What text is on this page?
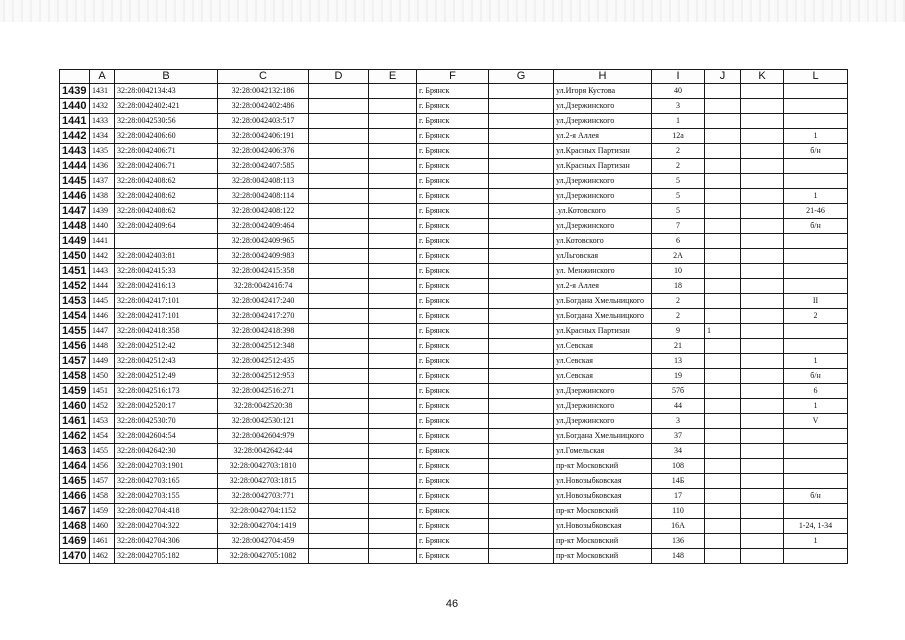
	A	B	C	D	E	F	G	H	I	J	K	L
1439	1431	32:28:0042134:43	32:28:0042132:186			г. Брянск		ул.Игоря Кустова	40			
1440	1432	32:28:0042402:421	32:28:0042402:486			г. Брянск		ул.Дзержинского	3			
1441	1433	32:28:0042530:56	32:28:0042403:517			г. Брянск		ул.Дзержинского	1			
1442	1434	32:28:0042406:60	32:28:0042406:191			г. Брянск		ул.2-я Аллея	12а			1
1443	1435	32:28:0042406:71	32:28:0042406:376			г. Брянск		ул.Красных Партизан	2			б/н
1444	1436	32:28:0042406:71	32:28:0042407:585			г. Брянск		ул.Красных Партизан	2			
1445	1437	32:28:0042408:62	32:28:0042408:113			г. Брянск		ул.Дзержинского	5			
1446	1438	32:28:0042408:62	32:28:0042408:114			г. Брянск		ул.Дзержинского	5			1
1447	1439	32:28:0042408:62	32:28:0042408:122			г. Брянск		.ул.Котовского	5			21-46
1448	1440	32:28:0042409:64	32:28:0042409:464			г. Брянск		ул.Дзержинского	7			б/н
1449	1441		32:28:0042409:965			г. Брянск		ул.Котовского	6			
1450	1442	32:28:0042403:81	32:28:0042409:983			г. Брянск		улЛьговская	2А			
1451	1443	32:28:0042415:33	32:28:0042415:358			г. Брянск		ул. Менжинского	10			
1452	1444	32:28:0042416:13	32:28:004241б:74			г. Брянск		ул.2-я Аллея	18			
1453	1445	32:28:0042417:101	32:28:0042417:240			г. Брянск		ул.Богдана Хмельницкого	2			II
1454	1446	32:28:0042417:101	32:28:0042417:270			г. Брянск		ул.Богдана Хмельницкого	2			2
1455	1447	32:28:0042418:358	32:28:0042418:398			г. Брянск		ул.Красных Партизан	9	1		
1456	1448	32:28:0042512:42	32:28:0042512:348			г. Брянск		ул.Севская	21			
1457	1449	32:28:0042512:43	32:28:0042512:435			г. Брянск		ул.Севская	13			1
1458	1450	32:28:0042512:49	32:28:0042512:953			г. Брянск		ул.Севская	19			б/н
1459	1451	32:28:0042516:173	32:28:0042516:271			г. Брянск		ул.Дзержинского	57б			6
1460	1452	32:28:0042520:17	32:28:0042520:38			г. Брянск		ул.Дзержинского	44			1
1461	1453	32:28:0042530:70	32:28:0042530:121			г. Брянск		ул.Дзержинского	3			V
1462	1454	32:28:0042604:54	32:28:0042604:979			г. Брянск		ул.Богдана Хмельницкого	37			
1463	1455	32:28:0042642:30	32:28:0042642:44			г. Брянск		ул.Гомельская	34			
1464	1456	32:28:0042703:1901	32:28:0042703:1810			г. Брянск		пр-кт Московский	108			
1465	1457	32:28:0042703:165	32:28:0042703:1815			г. Брянск		ул.Новозыбковская	14Б			
1466	1458	32:28:0042703:155	32:28:0042703:771			г. Брянск		ул.Новозыбковская	17			б/н
1467	1459	32:28:0042704:418	32:28:0042704:1152			г. Брянск		пр-кт Московский	110			
1468	1460	32:28:0042704:322	32:28:0042704:1419			г. Брянск		ул.Новозыбковская	16А			1-24, 1-34
1469	1461	32:28:0042704:306	32:28:0042704:459			г. Брянск		пр-кт Московский	136			1
1470	1462	32:28:0042705:182	32:28:0042705:1082			г. Брянск		пр-кт Московский	148			
46
